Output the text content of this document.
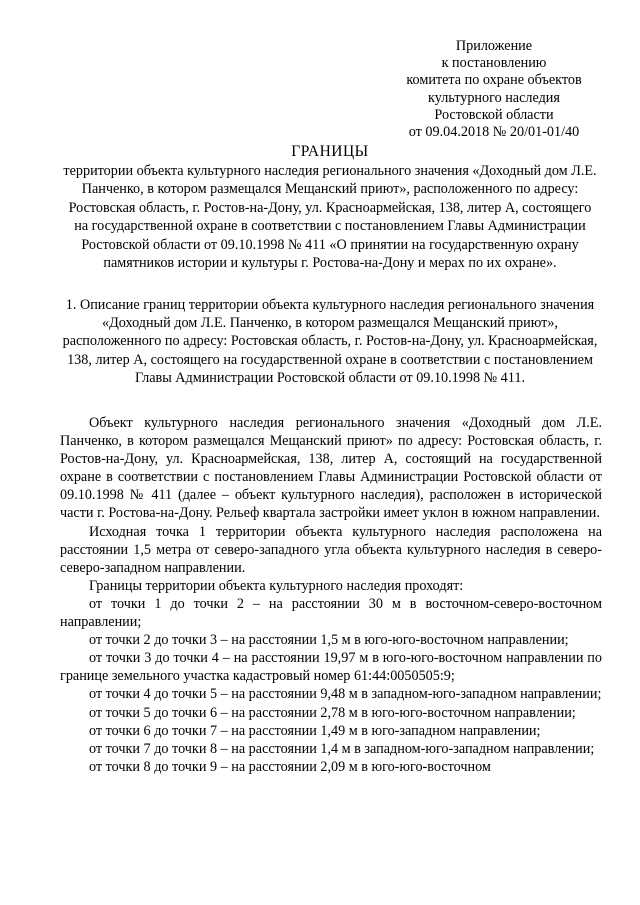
Приложение
к постановлению
комитета по охране объектов
культурного наследия
Ростовской области
от 09.04.2018 № 20/01-01/40
ГРАНИЦЫ
территории объекта культурного наследия регионального значения «Доходный дом Л.Е. Панченко, в котором размещался Мещанский приют», расположенного по адресу: Ростовская область, г. Ростов-на-Дону, ул. Красноармейская, 138, литер А, состоящего на государственной охране в соответствии с постановлением Главы Администрации Ростовской области от 09.10.1998 № 411 «О принятии на государственную охрану памятников истории и культуры г. Ростова-на-Дону и мерах по их охране».
1. Описание границ территории объекта культурного наследия регионального значения «Доходный дом Л.Е. Панченко, в котором размещался Мещанский приют», расположенного по адресу: Ростовская область, г. Ростов-на-Дону, ул. Красноармейская, 138, литер А, состоящего на государственной охране в соответствии с постановлением Главы Администрации Ростовской области от 09.10.1998 № 411.

Объект культурного наследия регионального значения «Доходный дом Л.Е. Панченко, в котором размещался Мещанский приют» по адресу: Ростовская область, г. Ростов-на-Дону, ул. Красноармейская, 138, литер А, состоящий на государственной охране в соответствии с постановлением Главы Администрации Ростовской области от 09.10.1998 № 411 (далее – объект культурного наследия), расположен в исторической части г. Ростова-на-Дону. Рельеф квартала застройки имеет уклон в южном направлении.

Исходная точка 1 территории объекта культурного наследия расположена на расстоянии 1,5 метра от северо-западного угла объекта культурного наследия в северо-северо-западном направлении.

Границы территории объекта культурного наследия проходят:

от точки 1 до точки 2 – на расстоянии 30 м в восточном-северо-восточном направлении;

от точки 2 до точки 3 – на расстоянии 1,5 м в юго-юго-восточном направлении;

от точки 3 до точки 4 – на расстоянии 19,97 м в юго-юго-восточном направлении по границе земельного участка кадастровый номер 61:44:0050505:9;

от точки 4 до точки 5 – на расстоянии 9,48 м в западном-юго-западном направлении;

от точки 5 до точки 6 – на расстоянии 2,78 м в юго-юго-восточном направлении;

от точки 6 до точки 7 – на расстоянии 1,49 м в юго-западном направлении;

от точки 7 до точки 8 – на расстоянии 1,4 м в западном-юго-западном направлении;

от точки 8 до точки 9 – на расстоянии 2,09 м в юго-юго-восточном
